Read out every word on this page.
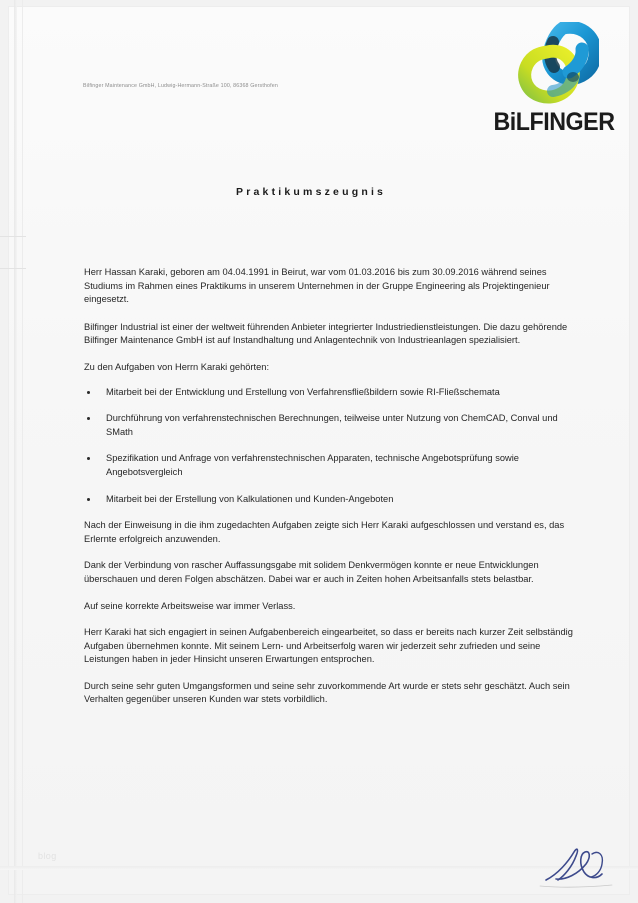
BiLFINGER
Bilfinger Maintenance GmbH, Ludwig-Hermann-Straße 100, 86368 Gersthofen
Praktikumszeugnis

Herr Hassan Karaki, geboren am 04.04.1991 in Beirut, war vom 01.03.2016 bis zum 30.09.2016 während seines Studiums im Rahmen eines Praktikums in unserem Unternehmen in der Gruppe Engineering als Projektingenieur eingesetzt.

Bilfinger Industrial ist einer der weltweit führenden Anbieter integrierter Industriedienstleistungen. Die dazu gehörende Bilfinger Maintenance GmbH ist auf Instandhaltung und Anlagentechnik von Industrieanlagen spezialisiert.

Zu den Aufgaben von Herrn Karaki gehörten:

Mitarbeit bei der Entwicklung und Erstellung von Verfahrensfließbildern sowie RI-Fließschemata
Durchführung von verfahrenstechnischen Berechnungen, teilweise unter Nutzung von ChemCAD, Conval und SMath
Spezifikation und Anfrage von verfahrenstechnischen Apparaten, technische Angebotsprüfung sowie Angebotsvergleich
Mitarbeit bei der Erstellung von Kalkulationen und Kunden-Angeboten

Nach der Einweisung in die ihm zugedachten Aufgaben zeigte sich Herr Karaki aufgeschlossen und verstand es, das Erlernte erfolgreich anzuwenden.

Dank der Verbindung von rascher Auffassungsgabe mit solidem Denkvermögen konnte er neue Entwicklungen überschauen und deren Folgen abschätzen. Dabei war er auch in Zeiten hohen Arbeitsanfalls stets belastbar.

Auf seine korrekte Arbeitsweise war immer Verlass.

Herr Karaki hat sich engagiert in seinen Aufgabenbereich eingearbeitet, so dass er bereits nach kurzer Zeit selbständig Aufgaben übernehmen konnte. Mit seinem Lern- und Arbeitserfolg waren wir jederzeit sehr zufrieden und seine Leistungen haben in jeder Hinsicht unseren Erwartungen entsprochen.

Durch seine sehr guten Umgangsformen und seine sehr zuvorkommende Art wurde er stets sehr geschätzt. Auch sein Verhalten gegenüber unseren Kunden war stets vorbildlich.

blog
